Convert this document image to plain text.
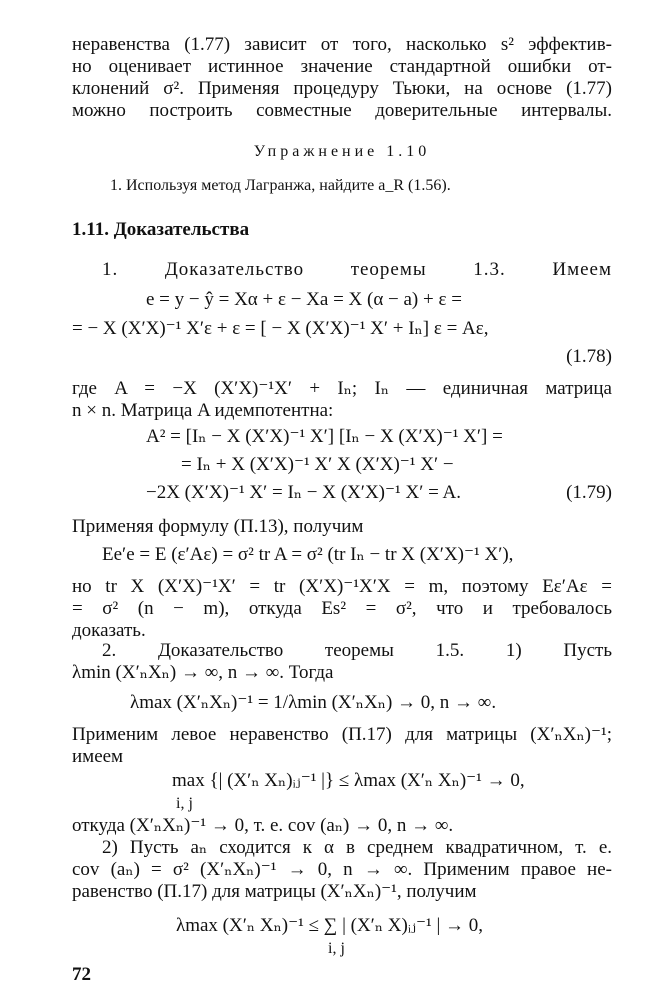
неравенства (1.77) зависит от того, насколько s² эффектив-
но оценивает истинное значение стандартной ошибки от-
клонений σ². Применяя процедуру Тьюки, на основе (1.77)
можно построить совместные доверительные интервалы.
Упражнение 1.10
1. Используя метод Лагранжа, найдите a_R (1.56).
1.11. Доказательства
1. Доказательство теоремы 1.3. Имеем
e = y − ŷ = Xα + ε − Xa = X (α − a) + ε =
= − X (X′X)⁻¹ X′ε + ε = [ − X (X′X)⁻¹ X′ + Iₙ] ε = Aε,
(1.78)
где A = −X (X′X)⁻¹X′ + Iₙ; Iₙ — единичная матрица
n × n. Матрица A идемпотентна:
A² = [Iₙ − X (X′X)⁻¹ X′] [Iₙ − X (X′X)⁻¹ X′] =
= Iₙ + X (X′X)⁻¹ X′ X (X′X)⁻¹ X′ −
−2X (X′X)⁻¹ X′ = Iₙ − X (X′X)⁻¹ X′ = A.	(1.79)
Применяя формулу (П.13), получим
Ee′e = E (ε′Aε) = σ² tr A = σ² (tr Iₙ − tr X (X′X)⁻¹ X′),
но tr X (X′X)⁻¹X′ = tr (X′X)⁻¹X′X = m, поэтому Eε′Aε =
= σ² (n − m), откуда Es² = σ², что и требовалось
доказать.
2. Доказательство теоремы 1.5. 1) Пусть
λmin (X′ₙXₙ) → ∞, n → ∞. Тогда
λmax (X′ₙXₙ)⁻¹ = 1/λmin (X′ₙXₙ) → 0, n → ∞.
Применим левое неравенство (П.17) для матрицы (X′ₙXₙ)⁻¹;
имеем
max {| (X′ₙ Xₙ)ᵢⱼ⁻¹ |} ≤ λmax (X′ₙ Xₙ)⁻¹ → 0,
i, j
откуда (X′ₙXₙ)⁻¹ → 0, т. е. cov (aₙ) → 0, n → ∞.
2) Пусть aₙ сходится к α в среднем квадратичном, т. е.
cov (aₙ) = σ² (X′ₙXₙ)⁻¹ → 0, n → ∞. Применим правое не-
равенство (П.17) для матрицы (X′ₙXₙ)⁻¹, получим
λmax (X′ₙ Xₙ)⁻¹ ≤ ∑ | (X′ₙ X)ᵢⱼ⁻¹ | → 0,
i, j
72
